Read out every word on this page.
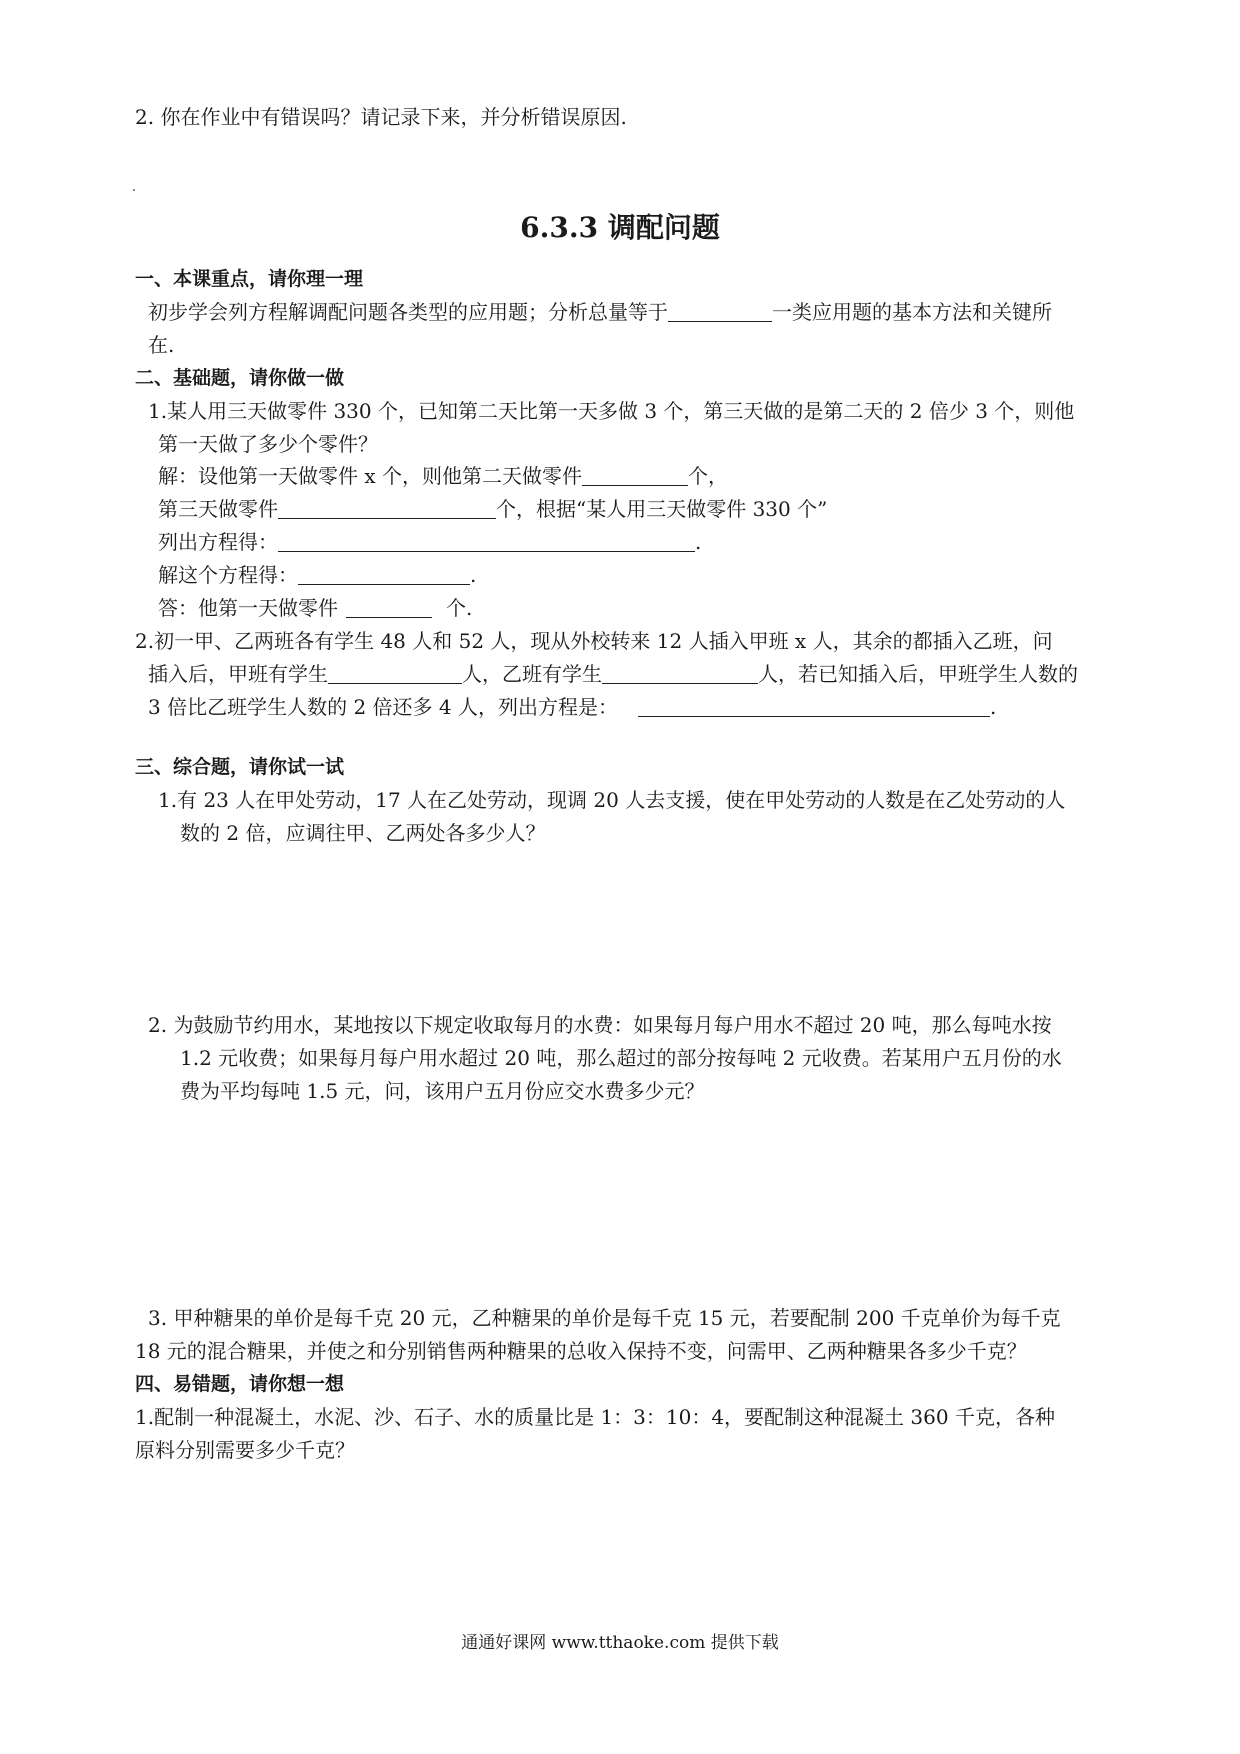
2. 你在作业中有错误吗？请记录下来，并分析错误原因.
6.3.3 调配问题
一、本课重点，请你理一理
初步学会列方程解调配问题各类型的应用题；分析总量等于	一类应用题的基本方法和关键所
在.
二、基础题，请你做一做
1.某人用三天做零件 330 个，已知第二天比第一天多做 3 个，第三天做的是第二天的 2 倍少 3 个，则他
第一天做了多少个零件？
解：设他第一天做零件 x 个，则他第二天做零件	个，
第三天做零件	个，根据“某人用三天做零件 330 个”
列出方程得：	.
解这个方程得：	.
答：他第一天做零件	个.
2.初一甲、乙两班各有学生 48 人和 52 人，现从外校转来 12 人插入甲班 x 人，其余的都插入乙班，问
插入后，甲班有学生	人，乙班有学生	人，若已知插入后，甲班学生人数的
3 倍比乙班学生人数的 2 倍还多 4 人，列出方程是：	.
三、综合题，请你试一试
1.有 23 人在甲处劳动，17 人在乙处劳动，现调 20 人去支援，使在甲处劳动的人数是在乙处劳动的人
数的 2 倍，应调往甲、乙两处各多少人？
2. 为鼓励节约用水，某地按以下规定收取每月的水费：如果每月每户用水不超过 20 吨，那么每吨水按
1.2 元收费；如果每月每户用水超过 20 吨，那么超过的部分按每吨 2 元收费。若某用户五月份的水
费为平均每吨 1.5 元，问，该用户五月份应交水费多少元？
3. 甲种糖果的单价是每千克 20 元，乙种糖果的单价是每千克 15 元，若要配制 200 千克单价为每千克
18 元的混合糖果，并使之和分别销售两种糖果的总收入保持不变，问需甲、乙两种糖果各多少千克？
四、易错题，请你想一想
1.配制一种混凝土，水泥、沙、石子、水的质量比是 1：3：10：4，要配制这种混凝土 360 千克，各种
原料分别需要多少千克？
通通好课网 www.tthaoke.com 提供下载
